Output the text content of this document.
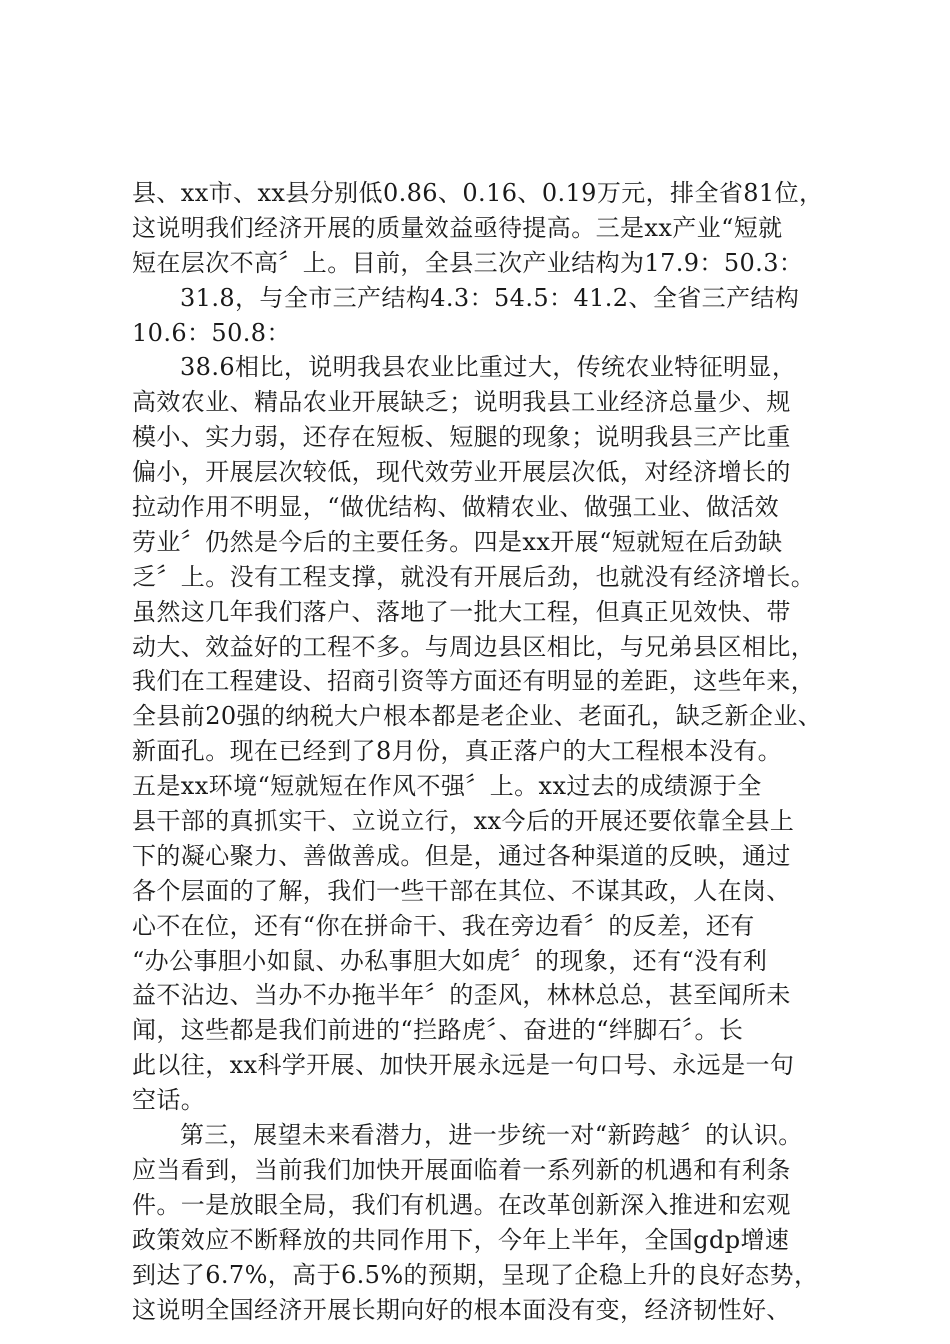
县、xx市、xx县分别低0.86、0.16、0.19万元，排全省81位，
这说明我们经济开展的质量效益亟待提高。三是xx产业“短就
短在层次不高〞上。目前，全县三次产业结构为17.9：50.3：
31.8，与全市三产结构4.3：54.5：41.2、全省三产结构
10.6：50.8：
38.6相比，说明我县农业比重过大，传统农业特征明显，
高效农业、精品农业开展缺乏；说明我县工业经济总量少、规
模小、实力弱，还存在短板、短腿的现象；说明我县三产比重
偏小，开展层次较低，现代效劳业开展层次低，对经济增长的
拉动作用不明显，“做优结构、做精农业、做强工业、做活效
劳业〞仍然是今后的主要任务。四是xx开展“短就短在后劲缺
乏〞上。没有工程支撑，就没有开展后劲，也就没有经济增长。
虽然这几年我们落户、落地了一批大工程，但真正见效快、带
动大、效益好的工程不多。与周边县区相比，与兄弟县区相比，
我们在工程建设、招商引资等方面还有明显的差距，这些年来，
全县前20强的纳税大户根本都是老企业、老面孔，缺乏新企业、
新面孔。现在已经到了8月份，真正落户的大工程根本没有。
五是xx环境“短就短在作风不强〞上。xx过去的成绩源于全
县干部的真抓实干、立说立行，xx今后的开展还要依靠全县上
下的凝心聚力、善做善成。但是，通过各种渠道的反映，通过
各个层面的了解，我们一些干部在其位、不谋其政，人在岗、
心不在位，还有“你在拼命干、我在旁边看〞的反差，还有
“办公事胆小如鼠、办私事胆大如虎〞的现象，还有“没有利
益不沾边、当办不办拖半年〞的歪风，林林总总，甚至闻所未
闻，这些都是我们前进的“拦路虎〞、奋进的“绊脚石〞。长
此以往，xx科学开展、加快开展永远是一句口号、永远是一句
空话。
第三，展望未来看潜力，进一步统一对“新跨越〞的认识。
应当看到，当前我们加快开展面临着一系列新的机遇和有利条
件。一是放眼全局，我们有机遇。在改革创新深入推进和宏观
政策效应不断释放的共同作用下，今年上半年，全国gdp增速
到达了6.7%，高于6.5%的预期，呈现了企稳上升的良好态势，
这说明全国经济开展长期向好的根本面没有变，经济韧性好、
